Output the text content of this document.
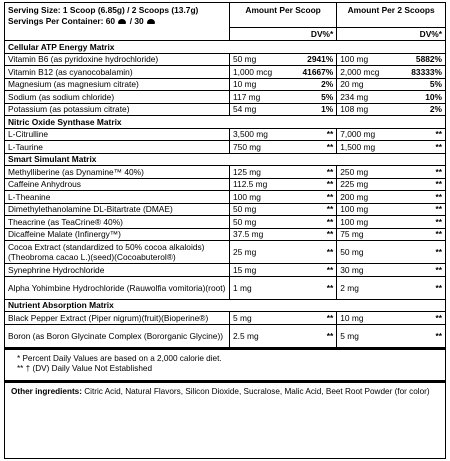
Serving Size: 1 Scoop (6.85g) / 2 Scoops (13.7g)
Servings Per Container: 60 / 30	Amount Per Scoop		Amount Per 2 Scoops	
		DV%*		DV%*
Cellular ATP Energy Matrix				
Vitamin B6 (as pyridoxine hydrochloride)	50 mg	2941%	100 mg	5882%
Vitamin B12 (as cyanocobalamin)	1,000 mcg	41667%	2,000 mcg	83333%
Magnesium (as magnesium citrate)	10 mg	2%	20 mg	5%
Sodium (as sodium chloride)	117 mg	5%	234 mg	10%
Potassium (as potassium citrate)	54 mg	1%	108 mg	2%
Nitric Oxide Synthase Matrix				
L-Citrulline	3,500 mg	**	7,000 mg	**
L-Taurine	750 mg	**	1,500 mg	**
Smart Simulant Matrix				
Methylliberine (as Dynamine™ 40%)	125 mg	**	250 mg	**
Caffeine Anhydrous	112.5 mg	**	225 mg	**
L-Theanine	100 mg	**	200 mg	**
Dimethylethanolamine DL-Bitartrate (DMAE)	50 mg	**	100 mg	**
Theacrine (as TeaCrine® 40%)	50 mg	**	100 mg	**
Dicaffeine Malate (Infinergy™)	37.5 mg	**	75 mg	**
Cocoa Extract (standardized to 50% cocoa alkaloids) (Theobroma cacao L.)(seed)(Cocoabuterol®)	25 mg	**	50 mg	**
Synephrine Hydrochloride	15 mg	**	30 mg	**
Alpha Yohimbine Hydrochloride (Rauwolfia vomitoria)(root)	1 mg	**	2 mg	**
Nutrient Absorption Matrix				
Black Pepper Extract (Piper nigrum)(fruit)(Bioperine®)	5 mg	**	10 mg	**
Boron (as Boron Glycinate Complex (Bororganic Glycine))	2.5 mg	**	5 mg	**

* Percent Daily Values are based on a 2,000 calorie diet.

** † (DV) Daily Value Not Established

Other ingredients: Citric Acid, Natural Flavors, Silicon Dioxide, Sucralose, Malic Acid, Beet Root Powder (for color)
